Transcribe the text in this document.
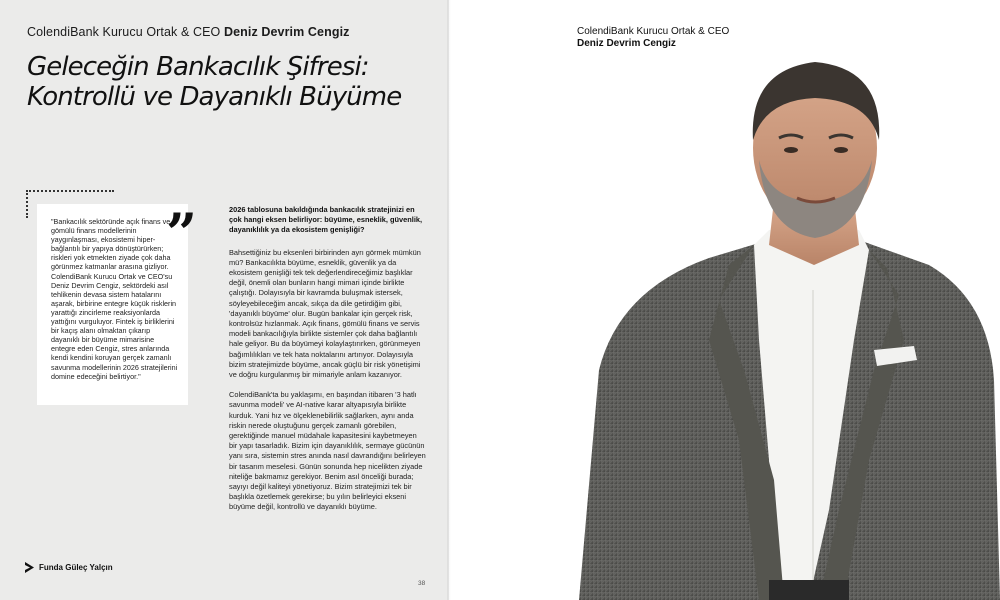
ColendiBank Kurucu Ortak & CEO Deniz Devrim Cengiz
Geleceğin Bankacılık Şifresi:
Kontrollü ve Dayanıklı Büyüme

"Bankacılık sektöründe açık finans ve gömülü finans modellerinin yaygınlaşması, ekosistemi hiper-bağlantılı bir yapıya dönüştürürken; riskleri yok etmekten ziyade çok daha görünmez katmanlar arasına gizliyor. ColendiBank Kurucu Ortak ve CEO'su Deniz Devrim Cengiz, sektördeki asıl tehlikenin devasa sistem hatalarını aşarak, birbirine entegre küçük risklerin yarattığı zincirleme reaksiyonlarda yattığını vurguluyor. Fintek iş birliklerini bir kaçış alanı olmaktan çıkarıp dayanıklı bir büyüme mimarisine entegre eden Cengiz, stres anlarında kendi kendini koruyan gerçek zamanlı savunma modellerinin 2026 stratejilerini domine edeceğini belirtiyor."

”	2026 tablosuna bakıldığında bankacılık stratejinizi en çok hangi eksen belirliyor: büyüme, esneklik, güvenlik, dayanıklılık ya da ekosistem genişliği?

Bahsettiğiniz bu eksenleri birbirinden ayrı görmek mümkün mü? Bankacılıkta büyüme, esneklik, güvenlik ya da ekosistem genişliği tek tek değerlendireceğimiz başlıklar değil, önemli olan bunların hangi mimari içinde birlikte çalıştığı. Dolayısıyla bir kavramda buluşmak istersek, söyleyebileceğim ancak, sıkça da dile getirdiğim gibi, 'dayanıklı büyüme' olur. Bugün bankalar için gerçek risk, kontrolsüz hızlanmak. Açık finans, gömülü finans ve servis modeli bankacılığıyla birlikte sistemler çok daha bağlantılı hale geliyor. Bu da büyümeyi kolaylaştırırken, görünmeyen bağımlılıkları ve tek hata noktalarını artırıyor. Dolayısıyla bizim stratejimizde büyüme, ancak güçlü bir risk yönetişimi ve doğru kurgulanmış bir mimariyle anlam kazanıyor.

ColendiBank'ta bu yaklaşımı, en başından itibaren '3 hatlı savunma modeli' ve AI-native karar altyapısıyla birlikte kurduk. Yani hız ve ölçeklenebilirlik sağlarken, aynı anda riskin nerede oluştuğunu gerçek zamanlı görebilen, gerektiğinde manuel müdahale kapasitesini kaybetmeyen bir yapı tasarladık. Bizim için dayanıklılık, sermaye gücünün yanı sıra, sistemin stres anında nasıl davrandığını belirleyen bir tasarım meselesi. Günün sonunda hep nicelikten ziyade niteliğe bakmamız gerekiyor. Benim asıl önceliği burada; sayıyı değil kaliteyi yönetiyoruz. Bizim stratejimizi tek bir başlıkla özetlemek gerekirse; bu yılın belirleyici ekseni büyüme değil, kontrollü ve dayanıklı büyüme.

Funda Güleç Yalçın
38
ColendiBank Kurucu Ortak & CEO
Deniz Devrim Cengiz
